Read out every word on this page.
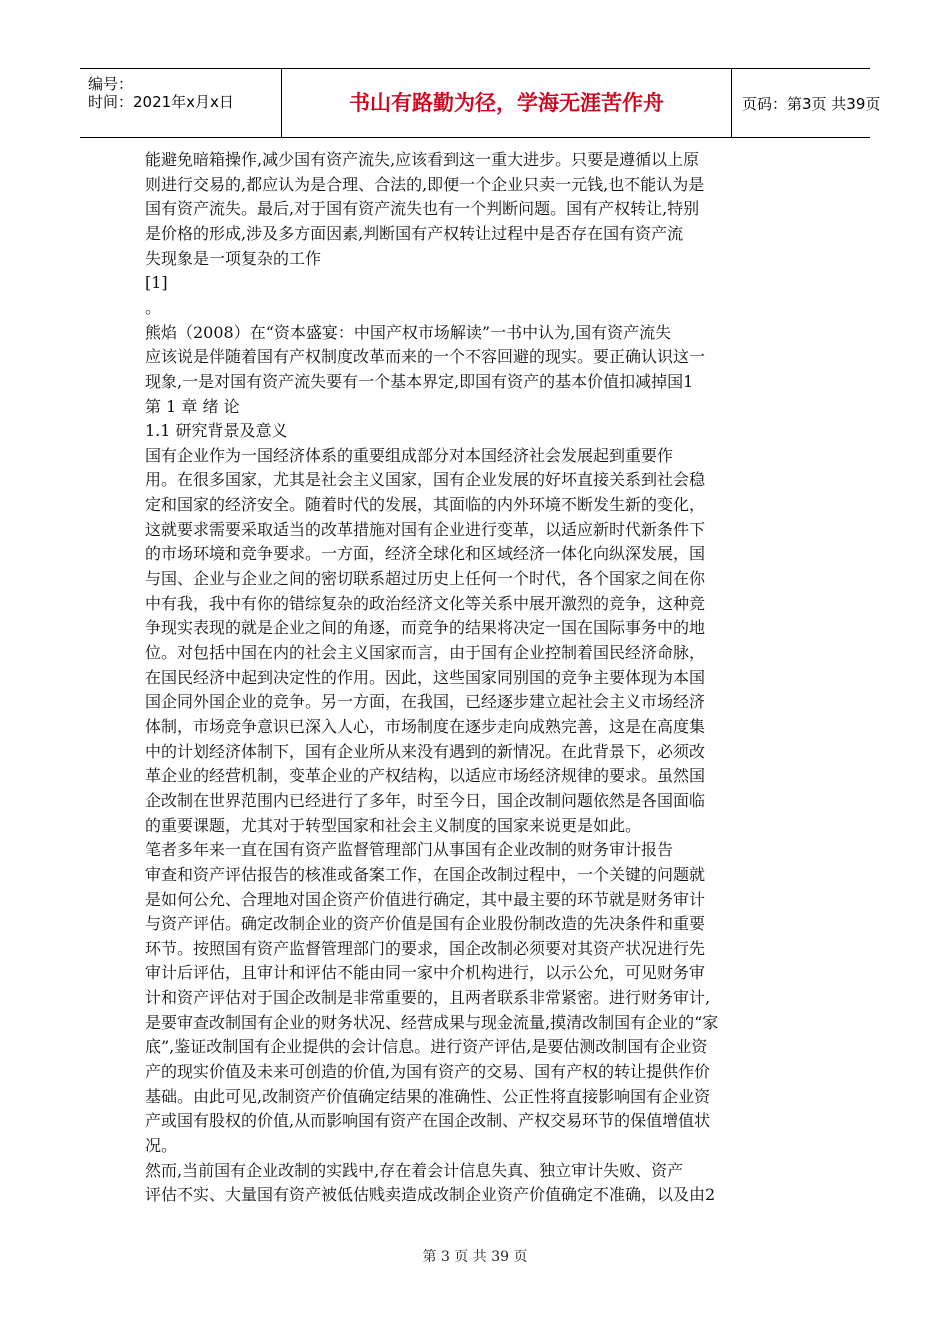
编号：
时间：2021年x月x日	书山有路勤为径，学海无涯苦作舟	页码：第3页 共39页
能避免暗箱操作,减少国有资产流失,应该看到这一重大进步。只要是遵循以上原
则进行交易的,都应认为是合理、合法的,即便一个企业只卖一元钱,也不能认为是
国有资产流失。最后,对于国有资产流失也有一个判断问题。国有产权转让,特别
是价格的形成,涉及多方面因素,判断国有产权转让过程中是否存在国有资产流
失现象是一项复杂的工作
[1]
。
熊焰（2008）在“资本盛宴：中国产权市场解读”一书中认为,国有资产流失
应该说是伴随着国有产权制度改革而来的一个不容回避的现实。要正确认识这一
现象,一是对国有资产流失要有一个基本界定,即国有资产的基本价值扣减掉国1
第 1 章 绪 论
1.1 研究背景及意义
国有企业作为一国经济体系的重要组成部分对本国经济社会发展起到重要作
用。在很多国家，尤其是社会主义国家，国有企业发展的好坏直接关系到社会稳
定和国家的经济安全。随着时代的发展，其面临的内外环境不断发生新的变化，
这就要求需要采取适当的改革措施对国有企业进行变革，以适应新时代新条件下
的市场环境和竞争要求。一方面，经济全球化和区域经济一体化向纵深发展，国
与国、企业与企业之间的密切联系超过历史上任何一个时代，各个国家之间在你
中有我，我中有你的错综复杂的政治经济文化等关系中展开激烈的竞争，这种竞
争现实表现的就是企业之间的角逐，而竞争的结果将决定一国在国际事务中的地
位。对包括中国在内的社会主义国家而言，由于国有企业控制着国民经济命脉，
在国民经济中起到决定性的作用。因此，这些国家同别国的竞争主要体现为本国
国企同外国企业的竞争。另一方面，在我国，已经逐步建立起社会主义市场经济
体制，市场竞争意识已深入人心，市场制度在逐步走向成熟完善，这是在高度集
中的计划经济体制下，国有企业所从来没有遇到的新情况。在此背景下，必须改
革企业的经营机制，变革企业的产权结构，以适应市场经济规律的要求。虽然国
企改制在世界范围内已经进行了多年，时至今日，国企改制问题依然是各国面临
的重要课题，尤其对于转型国家和社会主义制度的国家来说更是如此。
笔者多年来一直在国有资产监督管理部门从事国有企业改制的财务审计报告
审查和资产评估报告的核准或备案工作，在国企改制过程中，一个关键的问题就
是如何公允、合理地对国企资产价值进行确定，其中最主要的环节就是财务审计
与资产评估。确定改制企业的资产价值是国有企业股份制改造的先决条件和重要
环节。按照国有资产监督管理部门的要求，国企改制必须要对其资产状况进行先
审计后评估，且审计和评估不能由同一家中介机构进行，以示公允，可见财务审
计和资产评估对于国企改制是非常重要的，且两者联系非常紧密。进行财务审计,
是要审查改制国有企业的财务状况、经营成果与现金流量,摸清改制国有企业的“家
底”,鉴证改制国有企业提供的会计信息。进行资产评估,是要估测改制国有企业资
产的现实价值及未来可创造的价值,为国有资产的交易、国有产权的转让提供作价
基础。由此可见,改制资产价值确定结果的准确性、公正性将直接影响国有企业资
产或国有股权的价值,从而影响国有资产在国企改制、产权交易环节的保值增值状
况。
然而,当前国有企业改制的实践中,存在着会计信息失真、独立审计失败、资产
评估不实、大量国有资产被低估贱卖造成改制企业资产价值确定不准确，以及由2
第 3 页 共 39 页
